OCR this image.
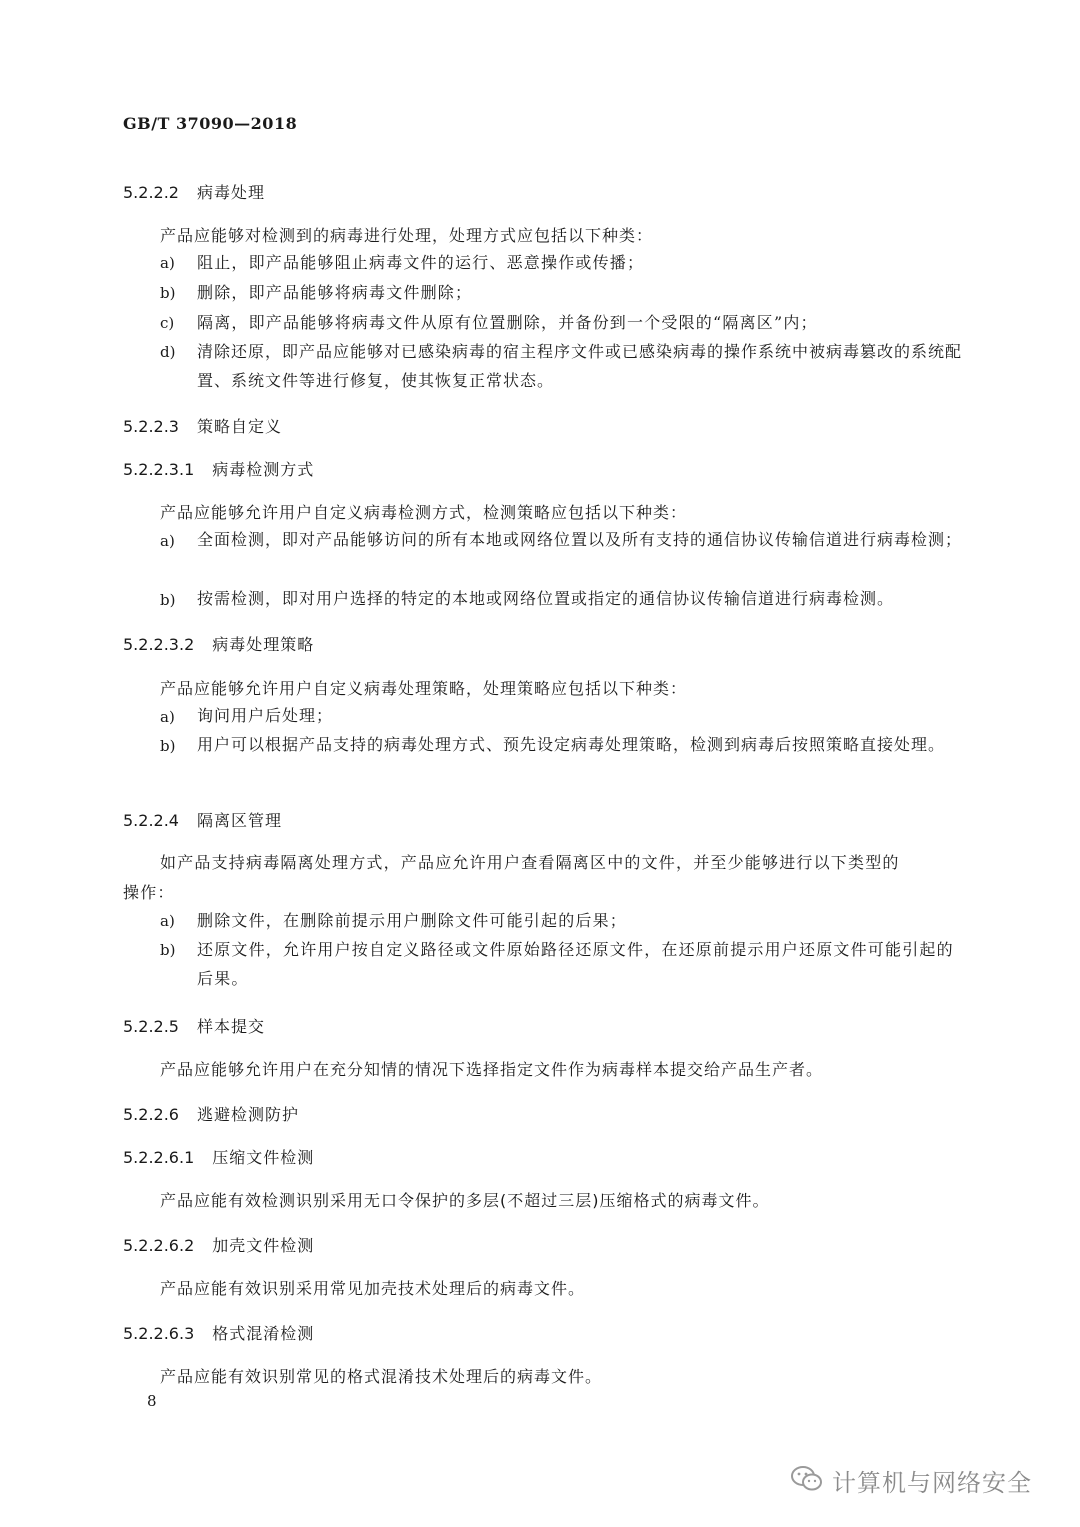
GB/T 37090—2018
5.2.2.2 病毒处理
产品应能够对检测到的病毒进行处理，处理方式应包括以下种类：
a) 阻止，即产品能够阻止病毒文件的运行、恶意操作或传播；
b) 删除，即产品能够将病毒文件删除；
c) 隔离，即产品能够将病毒文件从原有位置删除，并备份到一个受限的“隔离区”内；
d) 清除还原，即产品应能够对已感染病毒的宿主程序文件或已感染病毒的操作系统中被病毒篡改的系统配置、系统文件等进行修复，使其恢复正常状态。
5.2.2.3 策略自定义
5.2.2.3.1 病毒检测方式
产品应能够允许用户自定义病毒检测方式，检测策略应包括以下种类：
a) 全面检测，即对产品能够访问的所有本地或网络位置以及所有支持的通信协议传输信道进行病毒检测；
b) 按需检测，即对用户选择的特定的本地或网络位置或指定的通信协议传输信道进行病毒检测。
5.2.2.3.2 病毒处理策略
产品应能够允许用户自定义病毒处理策略，处理策略应包括以下种类：
a) 询问用户后处理；
b) 用户可以根据产品支持的病毒处理方式、预先设定病毒处理策略，检测到病毒后按照策略直接处理。
5.2.2.4 隔离区管理
如产品支持病毒隔离处理方式，产品应允许用户查看隔离区中的文件，并至少能够进行以下类型的
操作：
a) 删除文件，在删除前提示用户删除文件可能引起的后果；
b) 还原文件，允许用户按自定义路径或文件原始路径还原文件，在还原前提示用户还原文件可能引起的后果。
5.2.2.5 样本提交
产品应能够允许用户在充分知情的情况下选择指定文件作为病毒样本提交给产品生产者。
5.2.2.6 逃避检测防护
5.2.2.6.1 压缩文件检测
产品应能有效检测识别采用无口令保护的多层(不超过三层)压缩格式的病毒文件。
5.2.2.6.2 加壳文件检测
产品应能有效识别采用常见加壳技术处理后的病毒文件。
5.2.2.6.3 格式混淆检测
产品应能有效识别常见的格式混淆技术处理后的病毒文件。
8
计算机与网络安全
